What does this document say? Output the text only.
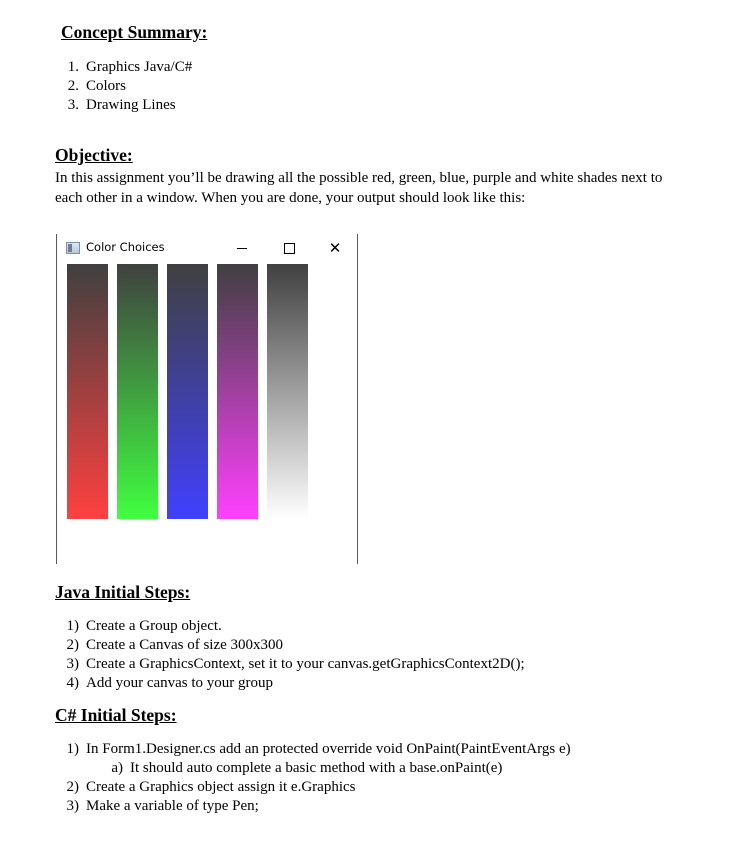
Concept Summary:
1. Graphics Java/C#
2. Colors
3. Drawing Lines
Objective:

In this assignment you’ll be drawing all the possible red, green, blue, purple and white shades next to

each other in a window. When you are done, your output should look like this:

Color Choices	✕
Java Initial Steps:
1) Create a Group object.
2) Create a Canvas of size 300x300
3) Create a GraphicsContext, set it to your canvas.getGraphicsContext2D();
4) Add your canvas to your group
C# Initial Steps:
1) In Form1.Designer.cs add an protected override void OnPaint(PaintEventArgs e)
a) It should auto complete a basic method with a base.onPaint(e)
2) Create a Graphics object assign it e.Graphics
3) Make a variable of type Pen;
